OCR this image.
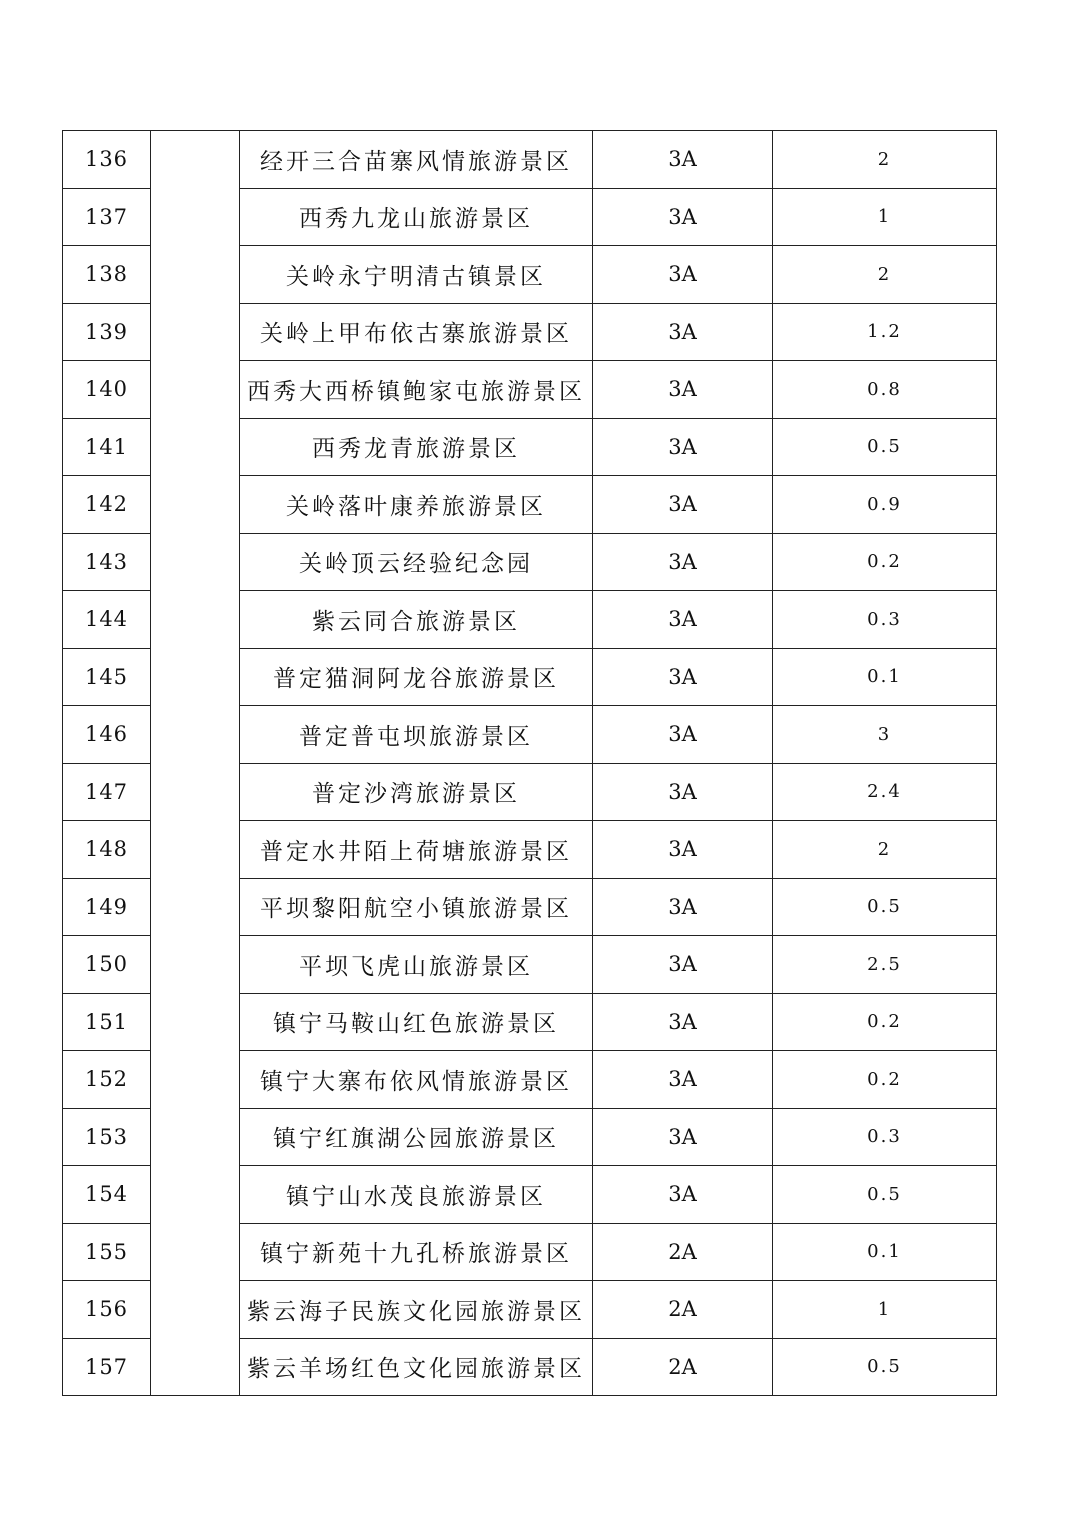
136		经开三合苗寨风情旅游景区	3A	2
137		西秀九龙山旅游景区	3A	1
138		关岭永宁明清古镇景区	3A	2
139		关岭上甲布依古寨旅游景区	3A	1.2
140		西秀大西桥镇鲍家屯旅游景区	3A	0.8
141		西秀龙青旅游景区	3A	0.5
142		关岭落叶康养旅游景区	3A	0.9
143		关岭顶云经验纪念园	3A	0.2
144		紫云同合旅游景区	3A	0.3
145		普定猫洞阿龙谷旅游景区	3A	0.1
146		普定普屯坝旅游景区	3A	3
147		普定沙湾旅游景区	3A	2.4
148		普定水井陌上荷塘旅游景区	3A	2
149		平坝黎阳航空小镇旅游景区	3A	0.5
150		平坝飞虎山旅游景区	3A	2.5
151		镇宁马鞍山红色旅游景区	3A	0.2
152		镇宁大寨布依风情旅游景区	3A	0.2
153		镇宁红旗湖公园旅游景区	3A	0.3
154		镇宁山水茂良旅游景区	3A	0.5
155		镇宁新苑十九孔桥旅游景区	2A	0.1
156		紫云海子民族文化园旅游景区	2A	1
157		紫云羊场红色文化园旅游景区	2A	0.5
